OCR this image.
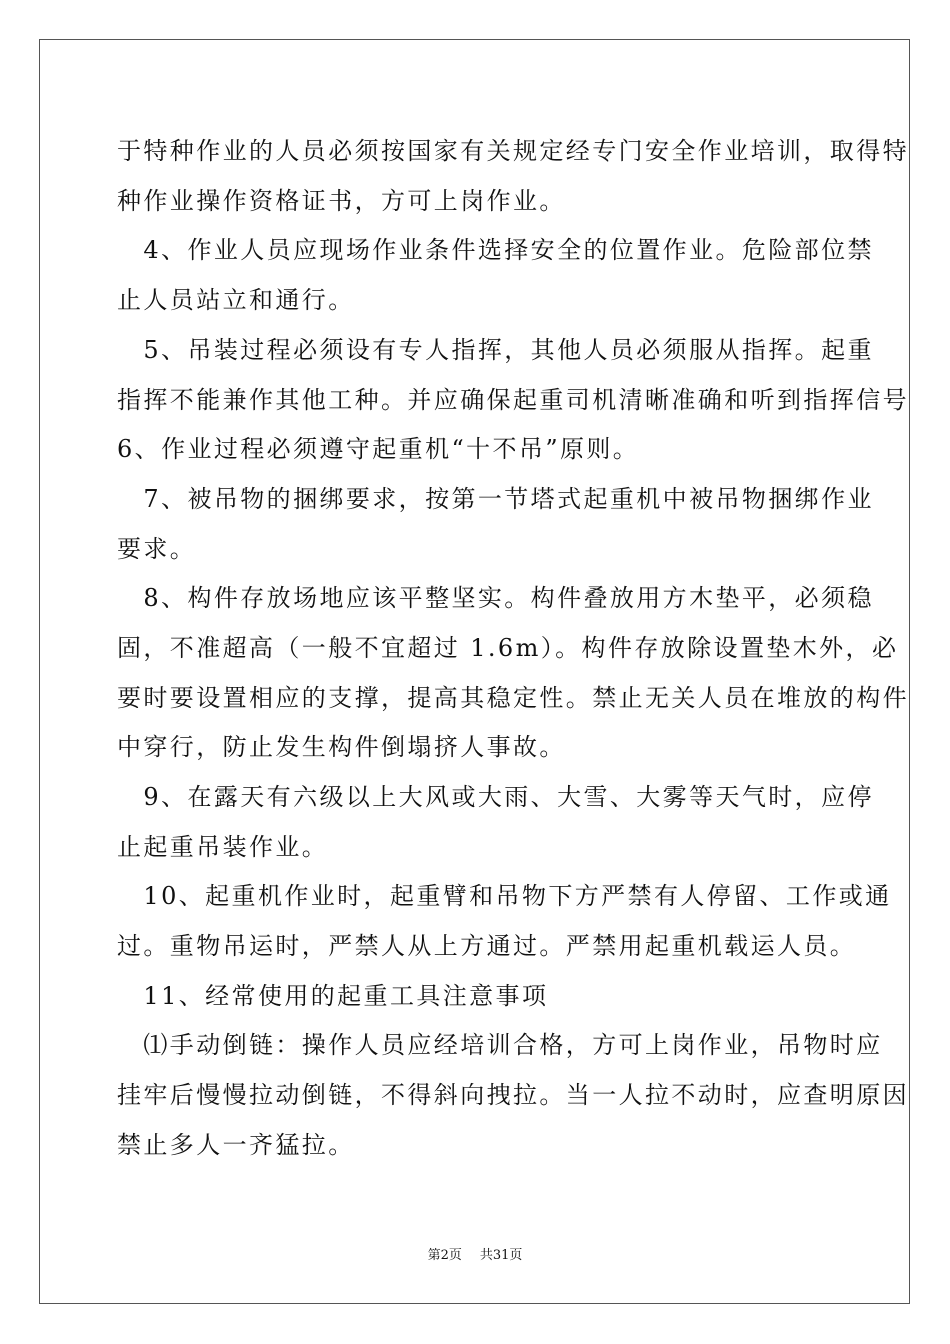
于特种作业的人员必须按国家有关规定经专门安全作业培训，取得特
种作业操作资格证书，方可上岗作业。
　4、作业人员应现场作业条件选择安全的位置作业。危险部位禁
止人员站立和通行。
　5、吊装过程必须设有专人指挥，其他人员必须服从指挥。起重
指挥不能兼作其他工种。并应确保起重司机清晰准确和听到指挥信号
6、作业过程必须遵守起重机“十不吊”原则。
　7、被吊物的捆绑要求，按第一节塔式起重机中被吊物捆绑作业
要求。
　8、构件存放场地应该平整坚实。构件叠放用方木垫平，必须稳
固，不准超高（一般不宜超过 1.6m）。构件存放除设置垫木外，必
要时要设置相应的支撑，提高其稳定性。禁止无关人员在堆放的构件
中穿行，防止发生构件倒塌挤人事故。
　9、在露天有六级以上大风或大雨、大雪、大雾等天气时，应停
止起重吊装作业。
　10、起重机作业时，起重臂和吊物下方严禁有人停留、工作或通
过。重物吊运时，严禁人从上方通过。严禁用起重机载运人员。
　11、经常使用的起重工具注意事项
　⑴手动倒链：操作人员应经培训合格，方可上岗作业，吊物时应
挂牢后慢慢拉动倒链，不得斜向拽拉。当一人拉不动时，应查明原因
禁止多人一齐猛拉。
第2页 共31页
